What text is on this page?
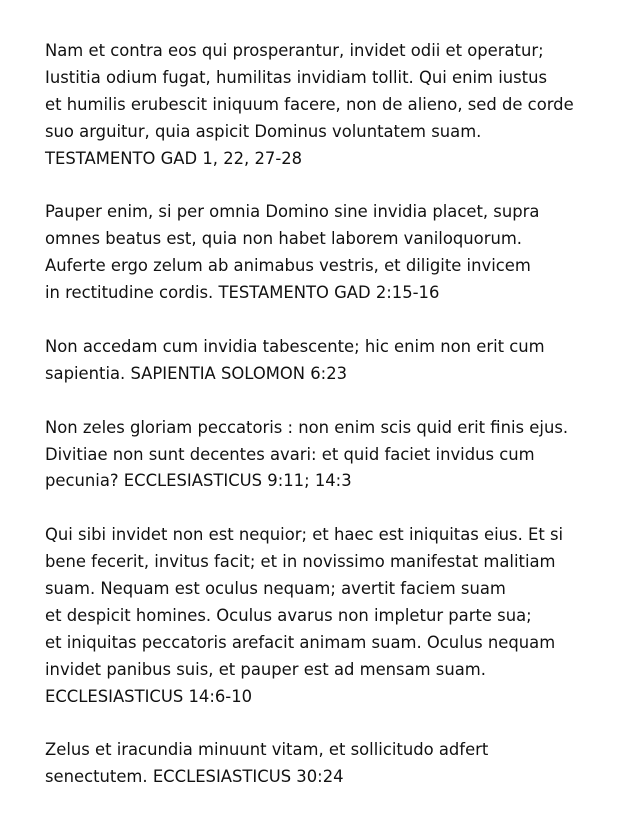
Nam et contra eos qui prosperantur, invidet odii et operatur;
Iustitia odium fugat, humilitas invidiam tollit. Qui enim iustus
et humilis erubescit iniquum facere, non de alieno, sed de corde
suo arguitur, quia aspicit Dominus voluntatem suam.
TESTAMENTO GAD 1, 22, 27-28

Pauper enim, si per omnia Domino sine invidia placet, supra
omnes beatus est, quia non habet laborem vaniloquorum.
Auferte ergo zelum ab animabus vestris, et diligite invicem
in rectitudine cordis. TESTAMENTO GAD 2:15-16

Non accedam cum invidia tabescente; hic enim non erit cum
sapientia. SAPIENTIA SOLOMON 6:23

Non zeles gloriam peccatoris : non enim scis quid erit finis ejus.
Divitiae non sunt decentes avari: et quid faciet invidus cum
pecunia? ECCLESIASTICUS 9:11; 14:3

Qui sibi invidet non est nequior; et haec est iniquitas eius. Et si
bene fecerit, invitus facit; et in novissimo manifestat malitiam
suam. Nequam est oculus nequam; avertit faciem suam
et despicit homines. Oculus avarus non impletur parte sua;
et iniquitas peccatoris arefacit animam suam. Oculus nequam
invidet panibus suis, et pauper est ad mensam suam.
ECCLESIASTICUS 14:6-10

Zelus et iracundia minuunt vitam, et sollicitudo adfert
senectutem. ECCLESIASTICUS 30:24
